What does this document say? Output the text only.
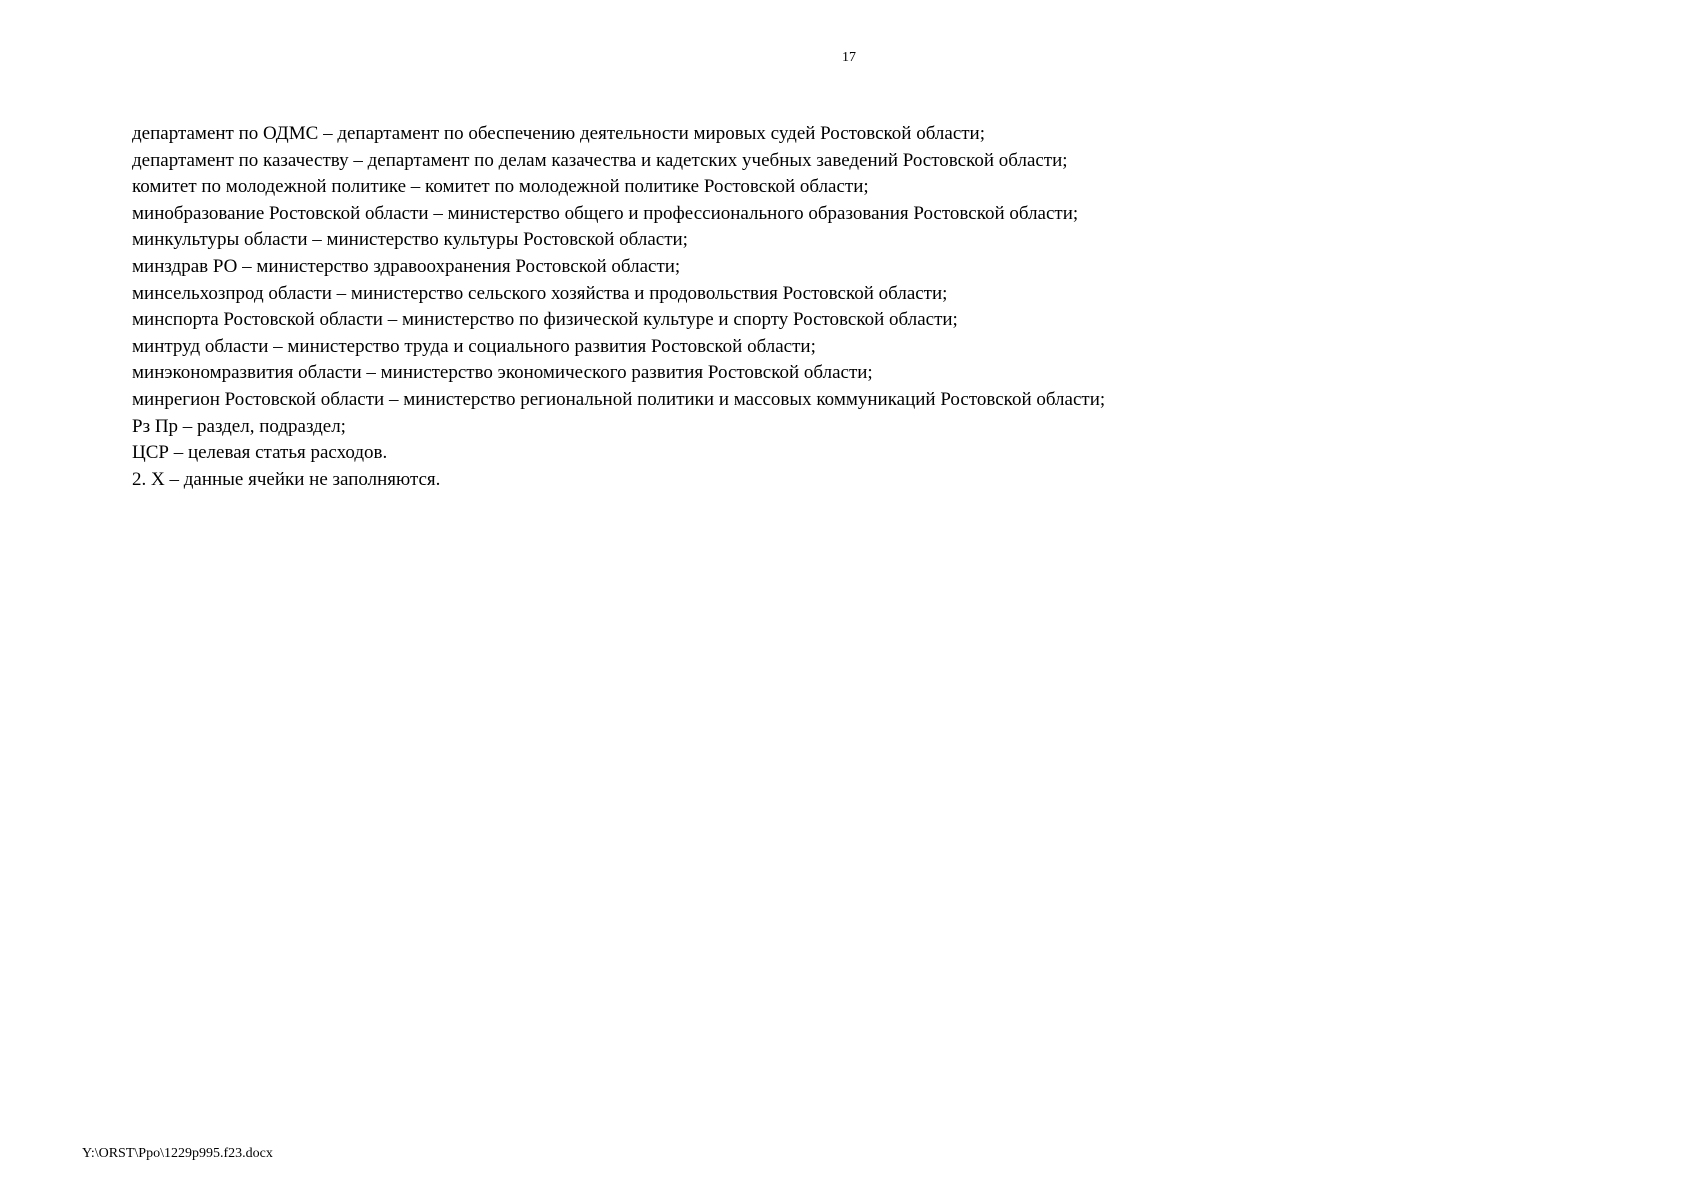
17
департамент по ОДМС – департамент по обеспечению деятельности мировых судей Ростовской области;
департамент по казачеству – департамент по делам казачества и кадетских учебных заведений Ростовской области;
комитет по молодежной политике – комитет по молодежной политике Ростовской области;
минобразование Ростовской области – министерство общего и профессионального образования Ростовской области;
минкультуры области – министерство культуры Ростовской области;
минздрав РО – министерство здравоохранения Ростовской области;
минсельхозпрод области – министерство сельского хозяйства и продовольствия Ростовской области;
минспорта Ростовской области – министерство по физической культуре и спорту Ростовской области;
минтруд области – министерство труда и социального развития Ростовской области;
минэкономразвития области – министерство экономического развития Ростовской области;
минрегион Ростовской области – министерство региональной политики и массовых коммуникаций Ростовской области;
Рз Пр – раздел, подраздел;
ЦСР – целевая статья расходов.
2. Х – данные ячейки не заполняются.
Y:\ORST\Ppo\1229p995.f23.docx
